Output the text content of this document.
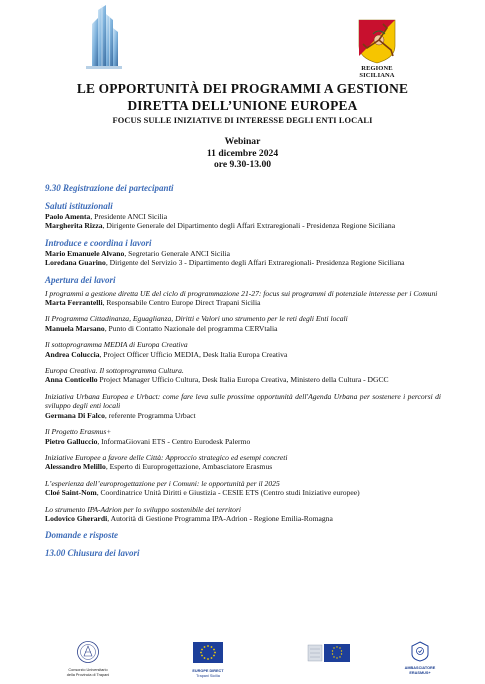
REGIONE SICILIANA

LE OPPORTUNITÀ DEI PROGRAMMI A GESTIONE

DIRETTA DELL’UNIONE EUROPEA

FOCUS SULLE INIZIATIVE DI INTERESSE DEGLI ENTI LOCALI

Webinar
11 dicembre 2024
ore 9.30-13.00

9.30 Registrazione dei partecipanti

Saluti istituzionali

Paolo Amenta, Presidente ANCI Sicilia
Margherita Rizza, Dirigente Generale del Dipartimento degli Affari Extraregionali - Presidenza Regione Siciliana

Introduce e coordina i lavori

Mario Emanuele Alvano, Segretario Generale ANCI Sicilia
Loredana Guarino, Dirigente del Servizio 3 - Dipartimento degli Affari Extraregionali- Presidenza Regione Siciliana

Apertura dei lavori

I programmi a gestione diretta UE del ciclo di programmazione 21-27: focus sui programmi di potenziale interesse per i Comuni
Marta Ferrantelli, Responsabile Centro Europe Direct Trapani Sicilia
Il Programma Cittadinanza, Eguaglianza, Diritti e Valori uno strumento per le reti degli Enti locali
Manuela Marsano, Punto di Contatto Nazionale del programma CERVtalia
Il sottoprogramma MEDIA di Europa Creativa
Andrea Coluccia, Project Officer Ufficio MEDIA, Desk Italia Europa Creativa
Europa Creativa. Il sottoprogramma Cultura.
Anna Conticello Project Manager Ufficio Cultura, Desk Italia Europa Creativa, Ministero della Cultura - DGCC
Iniziativa Urbana Europea e Urbact: come fare leva sulle prossime opportunità dell'Agenda Urbana per sostenere i percorsi di sviluppo degli enti locali
Germana Di Falco, referente Programma Urbact
Il Progetto Erasmus+
Pietro Galluccio, InformaGiovani ETS - Centro Eurodesk Palermo
Iniziative Europee a favore delle Città: Approccio strategico ed esempi concreti
Alessandro Melillo, Esperto di Europrogettazione, Ambasciatore Erasmus
L’esperienza dell’europrogettazione per i Comuni: le opportunità per il 2025
Cloé Saint-Nom, Coordinatrice Unità Diritti e Giustizia - CESIE ETS (Centro studi Iniziative europee)
Lo strumento IPA-Adrion per lo sviluppo sostenibile dei territori
Lodovico Gherardi, Autorità di Gestione Programma IPA-Adrion - Regione Emilia-Romagna

Domande e risposte

13.00 Chiusura dei lavori

Consorzio Universitario
della Provincia di Trapani
EUROPE DIRECT
Trapani Sicilia
AMBASCIATORE
ERASMUS+
